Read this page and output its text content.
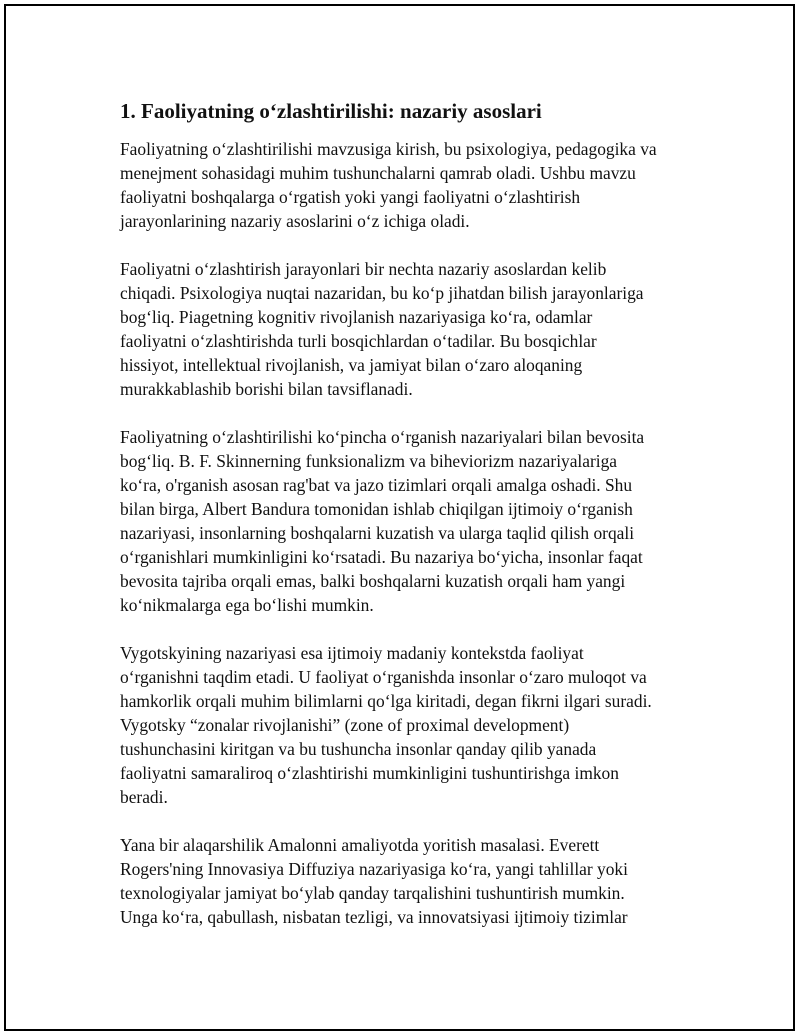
1. Faoliyatning o‘zlashtirilishi: nazariy asoslari

Faoliyatning o‘zlashtirilishi mavzusiga kirish, bu psixologiya, pedagogika va
menejment sohasidagi muhim tushunchalarni qamrab oladi. Ushbu mavzu
faoliyatni boshqalarga o‘rgatish yoki yangi faoliyatni o‘zlashtirish
jarayonlarining nazariy asoslarini o‘z ichiga oladi.

Faoliyatni o‘zlashtirish jarayonlari bir nechta nazariy asoslardan kelib
chiqadi. Psixologiya nuqtai nazaridan, bu ko‘p jihatdan bilish jarayonlariga
bog‘liq. Piagetning kognitiv rivojlanish nazariyasiga ko‘ra, odamlar
faoliyatni o‘zlashtirishda turli bosqichlardan o‘tadilar. Bu bosqichlar
hissiyot, intellektual rivojlanish, va jamiyat bilan o‘zaro aloqaning
murakkablashib borishi bilan tavsiflanadi.

Faoliyatning o‘zlashtirilishi ko‘pincha o‘rganish nazariyalari bilan bevosita
bog‘liq. B. F. Skinnerning funksionalizm va biheviorizm nazariyalariga
ko‘ra, o'rganish asosan rag'bat va jazo tizimlari orqali amalga oshadi. Shu
bilan birga, Albert Bandura tomonidan ishlab chiqilgan ijtimoiy o‘rganish
nazariyasi, insonlarning boshqalarni kuzatish va ularga taqlid qilish orqali
o‘rganishlari mumkinligini ko‘rsatadi. Bu nazariya bo‘yicha, insonlar faqat
bevosita tajriba orqali emas, balki boshqalarni kuzatish orqali ham yangi
ko‘nikmalarga ega bo‘lishi mumkin.

Vygotskyining nazariyasi esa ijtimoiy madaniy kontekstda faoliyat
o‘rganishni taqdim etadi. U faoliyat o‘rganishda insonlar o‘zaro muloqot va
hamkorlik orqali muhim bilimlarni qo‘lga kiritadi, degan fikrni ilgari suradi.
Vygotsky “zonalar rivojlanishi” (zone of proximal development)
tushunchasini kiritgan va bu tushuncha insonlar qanday qilib yanada
faoliyatni samaraliroq o‘zlashtirishi mumkinligini tushuntirishga imkon
beradi.

Yana bir alaqarshilik Amalonni amaliyotda yoritish masalasi. Everett
Rogers'ning Innovasiya Diffuziya nazariyasiga ko‘ra, yangi tahlillar yoki
texnologiyalar jamiyat bo‘ylab qanday tarqalishini tushuntirish mumkin.
Unga ko‘ra, qabullash, nisbatan tezligi, va innovatsiyasi ijtimoiy tizimlar
